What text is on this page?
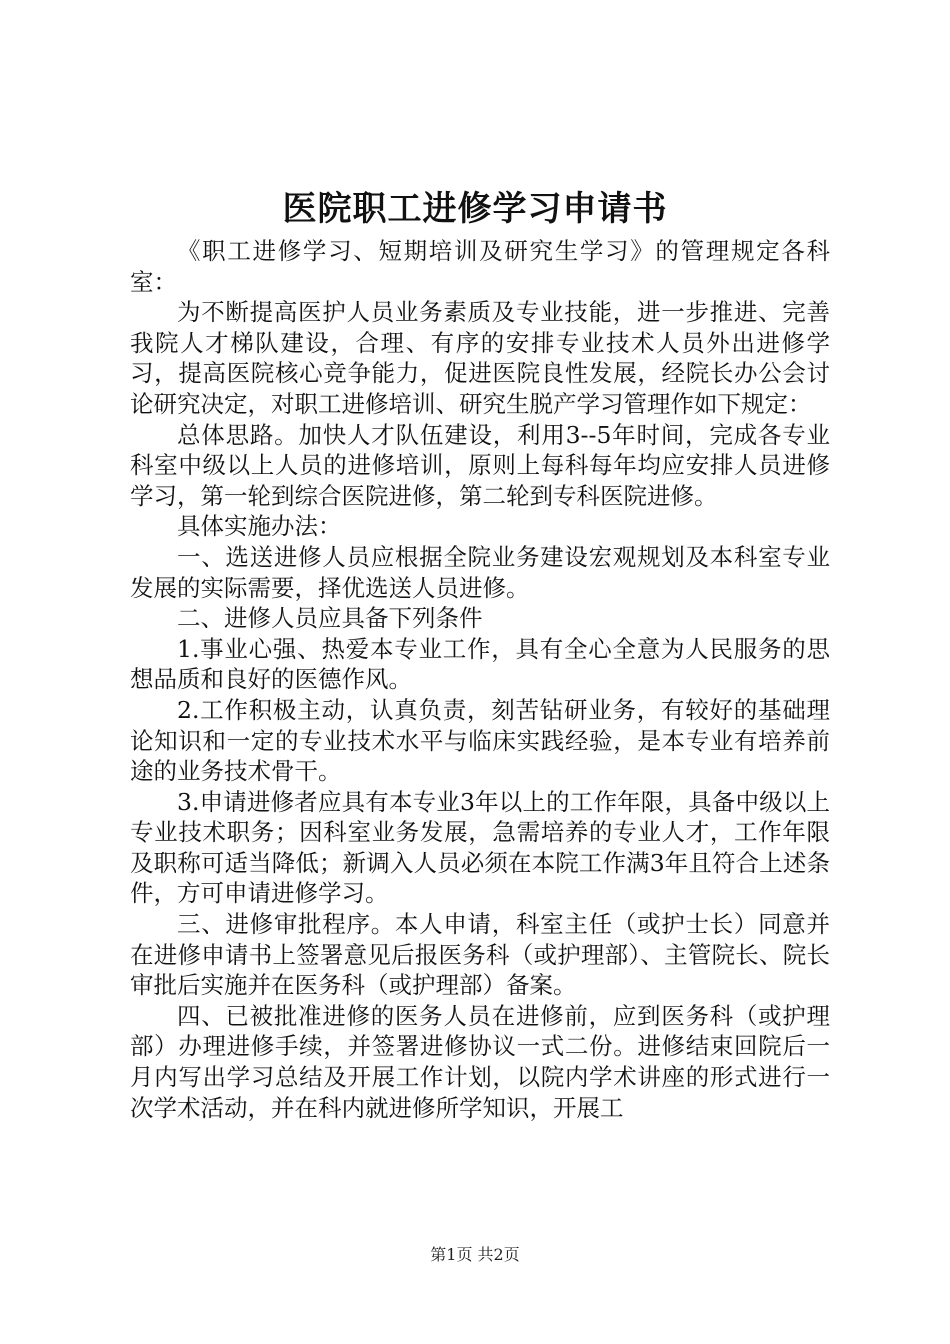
医院职工进修学习申请书

《职工进修学习、短期培训及研究生学习》的管理规定各科室：

为不断提高医护人员业务素质及专业技能，进一步推进、完善我院人才梯队建设，合理、有序的安排专业技术人员外出进修学习，提高医院核心竞争能力，促进医院良性发展，经院长办公会讨论研究决定，对职工进修培训、研究生脱产学习管理作如下规定：

总体思路。加快人才队伍建设，利用3--5年时间，完成各专业科室中级以上人员的进修培训，原则上每科每年均应安排人员进修学习，第一轮到综合医院进修，第二轮到专科医院进修。

具体实施办法：

一、选送进修人员应根据全院业务建设宏观规划及本科室专业发展的实际需要，择优选送人员进修。

二、进修人员应具备下列条件

1.事业心强、热爱本专业工作，具有全心全意为人民服务的思想品质和良好的医德作风。

2.工作积极主动，认真负责，刻苦钻研业务，有较好的基础理论知识和一定的专业技术水平与临床实践经验，是本专业有培养前途的业务技术骨干。

3.申请进修者应具有本专业3年以上的工作年限，具备中级以上专业技术职务；因科室业务发展，急需培养的专业人才，工作年限及职称可适当降低；新调入人员必须在本院工作满3年且符合上述条件，方可申请进修学习。

三、进修审批程序。本人申请，科室主任（或护士长）同意并在进修申请书上签署意见后报医务科（或护理部）、主管院长、院长审批后实施并在医务科（或护理部）备案。

四、已被批准进修的医务人员在进修前，应到医务科（或护理部）办理进修手续，并签署进修协议一式二份。进修结束回院后一月内写出学习总结及开展工作计划，以院内学术讲座的形式进行一次学术活动，并在科内就进修所学知识，开展工

第1页 共2页
